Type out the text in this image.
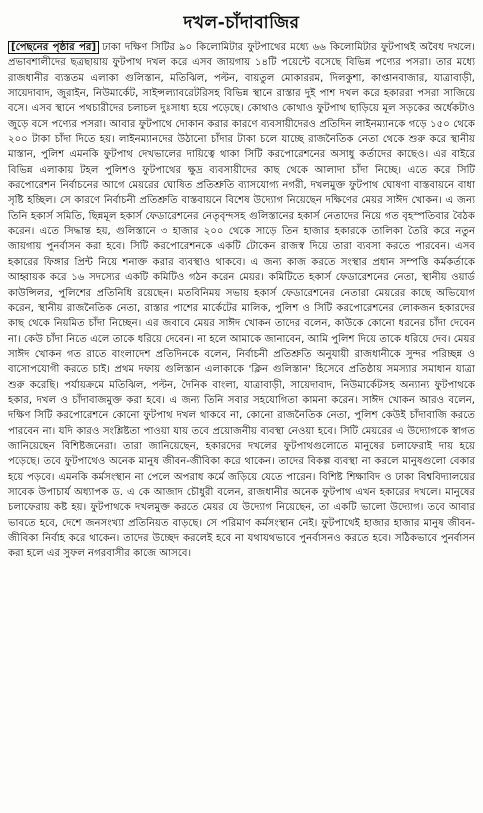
দখল-চাঁদাবাজির
[পেছনের পৃষ্ঠার পর] ঢাকা দক্ষিণ সিটির ৯০ কিলোমিটার ফুটপাথের মধ্যে ৬৬ কিলোমিটার ফুটপাথই অবৈধ দখলে। প্রভাবশালীদের ছত্রছায়ায় ফুটপাথ দখল করে এসব জায়গায় ১৪টি পয়েন্টে বসেছে বিভিন্ন পণ্যের পসরা। তার মধ্যে রাজধানীর ব্যস্ততম এলাকা গুলিস্তান, মতিঝিল, পল্টন, বায়তুল মোকাররম, দিলকুশা, কাপ্তানবাজার, যাত্রাবাড়ী, সায়েদাবাদ, জুরাইন, নিউমার্কেট, সাইন্সল্যাবরেটরিসহ বিভিন্ন স্থানে রাস্তার দুই পাশ দখল করে হকাররা পসরা সাজিয়ে বসে। এসব স্থানে পথচারীদের চলাচল দুঃসাধ্য হয়ে পড়েছে। কোথাও কোথাও ফুটপাথ ছাড়িয়ে মূল সড়কের অর্ধেকটাও জুড়ে বসে পণ্যের পসরা। আবার ফুটপাথে দোকান করার কারণে ব্যবসায়ীদেরও প্রতিদিন লাইনম্যানকে গড়ে ১৫০ থেকে ২০০ টাকা চাঁদা দিতে হয়। লাইনম্যানদের উঠানো চাঁদার টাকা চলে যাচ্ছে রাজনৈতিক নেতা থেকে শুরু করে স্থানীয় মাস্তান, পুলিশ এমনকি ফুটপাথ দেখভালের দায়িত্বে থাকা সিটি করপোরেশনের অসাধু কর্তাদের কাছেও। এর বাইরে বিভিন্ন এলাকায় টহল পুলিশও ফুটপাথের ক্ষুদ্র ব্যবসায়ীদের কাছ থেকে আলাদা চাঁদা নিচ্ছে। এতে করে সিটি করপোরেশন নির্বাচনের আগে মেয়রের ঘোষিত প্রতিশ্রুতি ব্যাসযোগ্য নগরী, দখলমুক্ত ফুটপাথ ঘোষণা বাস্তবায়নে বাধা সৃষ্টি হচ্ছিল। সে কারণে নির্বাচনী প্রতিশ্রুতি বাস্তবায়নে বিশেষ উদ্যোগ নিয়েছেন দক্ষিণের মেয়র সাঈদ খোকন। এ জন্য তিনি হকার্স সমিতি, ছিন্নমূল হকার্স ফেডারেশনের নেতৃবৃন্দসহ গুলিস্তানের হকার্স নেতাদের নিয়ে গত বৃহস্পতিবার বৈঠক করেন। এতে সিদ্ধান্ত হয়, গুলিস্তানে ৩ হাজার ২০০ থেকে সাড়ে তিন হাজার হকারকে তালিকা তৈরি করে নতুন জায়গায় পুনর্বাসন করা হবে। সিটি করপোরেশনকে একটি টোকেন রাজস্ব দিয়ে তারা ব্যবসা করতে পারবেন। এসব হকারের ফিঙ্গার প্রিন্ট নিয়ে শনাক্ত করার ব্যবস্থাও থাকবে। এ জন্য কাজ করতে সংস্থার প্রধান সম্পত্তি কর্মকর্তাকে আহ্বায়ক করে ১৬ সদস্যের একটি কমিটিও গঠন করেন মেয়র। কমিটিতে হকার্স ফেডারেশনের নেতা, স্থানীয় ওয়ার্ড কাউন্সিলর, পুলিশের প্রতিনিধি রয়েছেন। মতবিনিময় সভায় হকার্স ফেডারেশনের নেতারা মেয়রের কাছে অভিযোগ করেন, স্থানীয় রাজনৈতিক নেতা, রাস্তার পাশের মার্কেটের মালিক, পুলিশ ও সিটি করপোরেশনের লোকজন হকারদের কাছ থেকে নিয়মিত চাঁদা নিচ্ছেন। এর জবাবে মেয়র সাঈদ খোকন তাদের বলেন, কাউকে কোনো ধরনের চাঁদা দেবেন না। কেউ চাঁদা নিতে এলে তাকে ধরিয়ে দেবেন। না হলে আমাকে জানাবেন, আমি পুলিশ দিয়ে তাকে ধরিয়ে দেব। মেয়র সাঈদ খোকন গত রাতে বাংলাদেশ প্রতিদিনকে বলেন, নির্বাচনী প্রতিশ্রুতি অনুযায়ী রাজধানীকে সুন্দর পরিচ্ছন্ন ও বাসোপযোগী করতে চাই। প্রথম দফায় গুলিস্তান এলাকাকে 'ক্লিন গুলিস্তান' হিসেবে প্রতিষ্ঠায় সমস্যার সমাধান যাত্রা শুরু করেছি। পর্যায়ক্রমে মতিঝিল, পল্টন, দৈনিক বাংলা, যাত্রাবাড়ী, সায়েদাবাদ, নিউমার্কেটসহ অন্যান্য ফুটপাথকে হকার, দখল ও চাঁদাবাজমুক্ত করা হবে। এ জন্য তিনি সবার সহযোগিতা কামনা করেন। সাঈদ খোকন আরও বলেন, দক্ষিণ সিটি করপোরেশনে কোনো ফুটপাথ দখল থাকবে না, কোনো রাজনৈতিক নেতা, পুলিশ কেউই চাঁদাবাজি করতে পারবেন না। যদি কারও সংশ্লিষ্টতা পাওয়া যায় তবে প্রয়োজনীয় ব্যবস্থা নেওয়া হবে। সিটি মেয়রের এ উদ্যোগকে স্বাগত জানিয়েছেন বিশিষ্টজনেরা। তারা জানিয়েছেন, হকারদের দখলের ফুটপাথগুলোতে মানুষের চলাফেরাই দায় হয়ে পড়েছে। তবে ফুটপাথেও অনেক মানুষ জীবন-জীবিকা করে থাকেন। তাদের বিকল্প ব্যবস্থা না করলে মানুষগুলো বেকার হয়ে পড়বে। এমনকি কর্মসংস্থান না পেলে অপরাধ কর্মে জড়িয়ে যেতে পারেন। বিশিষ্ট শিক্ষাবিদ ও ঢাকা বিশ্ববিদ্যালয়ের সাবেক উপাচার্য অধ্যাপক ড. এ কে আজাদ চৌধুরী বলেন, রাজধানীর অনেক ফুটপাথ এখন হকারের দখলে। মানুষের চলাফেরায় কষ্ট হয়। ফুটপাথকে দখলমুক্ত করতে মেয়র যে উদ্যোগ নিয়েছেন, তা একটি ভালো উদ্যোগ। তবে আবার ভাবতে হবে, দেশে জনসংখ্যা প্রতিনিয়ত বাড়ছে। সে পরিমাণ কর্মসংস্থান নেই। ফুটপাথেই হাজার হাজার মানুষ জীবন-জীবিকা নির্বাহ করে থাকেন। তাদের উচ্ছেদ করলেই হবে না যথাযথভাবে পুনর্বাসনও করতে হবে। সঠিকভাবে পুনর্বাসন করা হলে এর সুফল নগরবাসীর কাজে আসবে।
